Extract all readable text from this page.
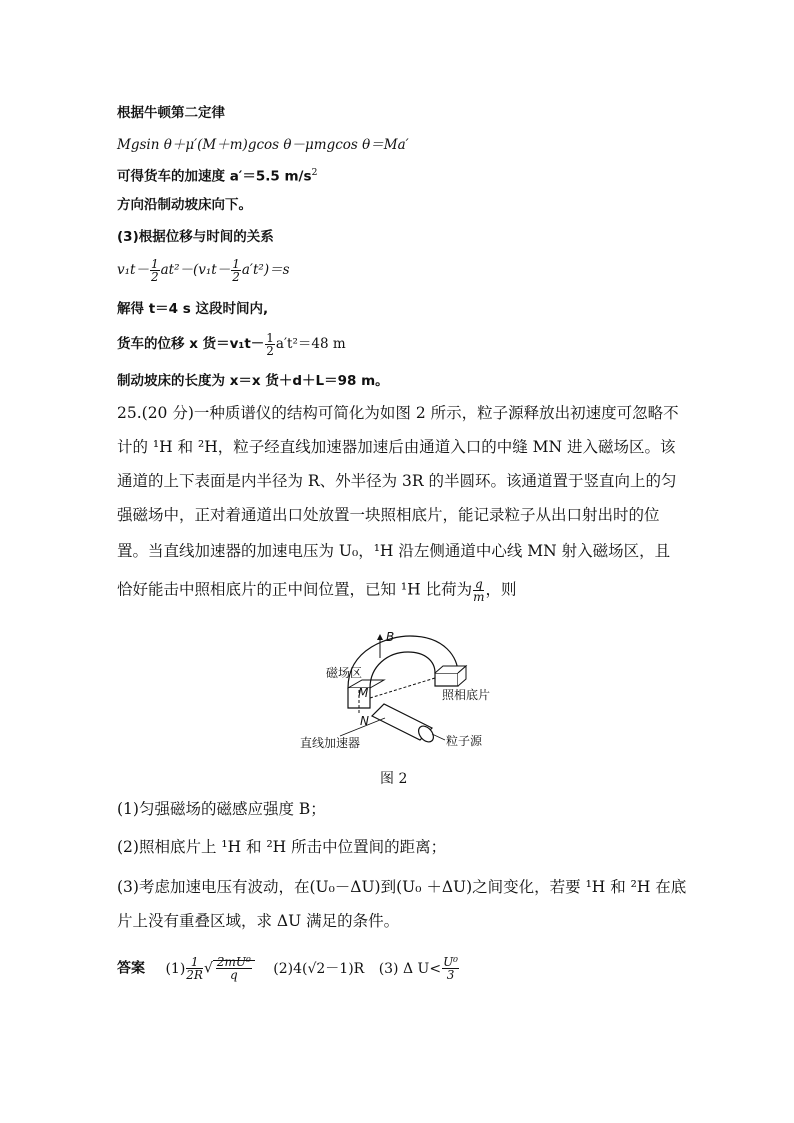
根据牛顿第二定律
Mgsin θ＋μ′(M＋m)gcos θ－μmgcos θ＝Ma′
可得货车的加速度 a′＝5.5 $m/s^2$
方向沿制动坡床向下。
(3)根据位移与时间的关系
$v_1t- \frac{1}{2} at^2-(v_1t- \frac{1}{2} a't^2)=s$
解得 t＝4 s 这段时间内,
货车的位移 x 货$=v_1t- \frac{1}{2} a't^2=48$ m
制动坡床的长度为 x＝x 货＋d＋L＝98 m。
25.(20 分)一种质谱仪的结构可简化为如图 2 所示，粒子源释放出初速度可忽略不
计的 ¹H 和 ²H，粒子经直线加速器加速后由通道入口的中缝 MN 进入磁场区。该
通道的上下表面是内半径为 R、外半径为 3R 的半圆环。该通道置于竖直向上的匀
强磁场中，正对着通道出口处放置一块照相底片，能记录粒子从出口射出时的位
置。当直线加速器的加速电压为 U₀，¹H 沿左侧通道中心线 MN 射入磁场区，且
恰好能击中照相底片的正中间位置，已知 ¹H 比荷为 $\frac{q}{m}$ ，则
B
磁场区
照相底片
M
N
直线加速器	粒子源
图 2
(1)匀强磁场的磁感应强度 B；
(2)照相底片上 ¹H 和 ²H 所击中位置间的距离；
(3)考虑加速电压有波动，在(U₀－ΔU)到(U₀ ＋ΔU)之间变化，若要 ¹H 和 ²H 在底
片上没有重叠区域，求 ΔU 满足的条件。
答案 $(1) \frac{1}{2R}$ √ $\frac{\text{2mU⁰}}{q} (2)4(√2-1)R$ (3) Δ $U< \frac{\text{U⁰}}{3}$
